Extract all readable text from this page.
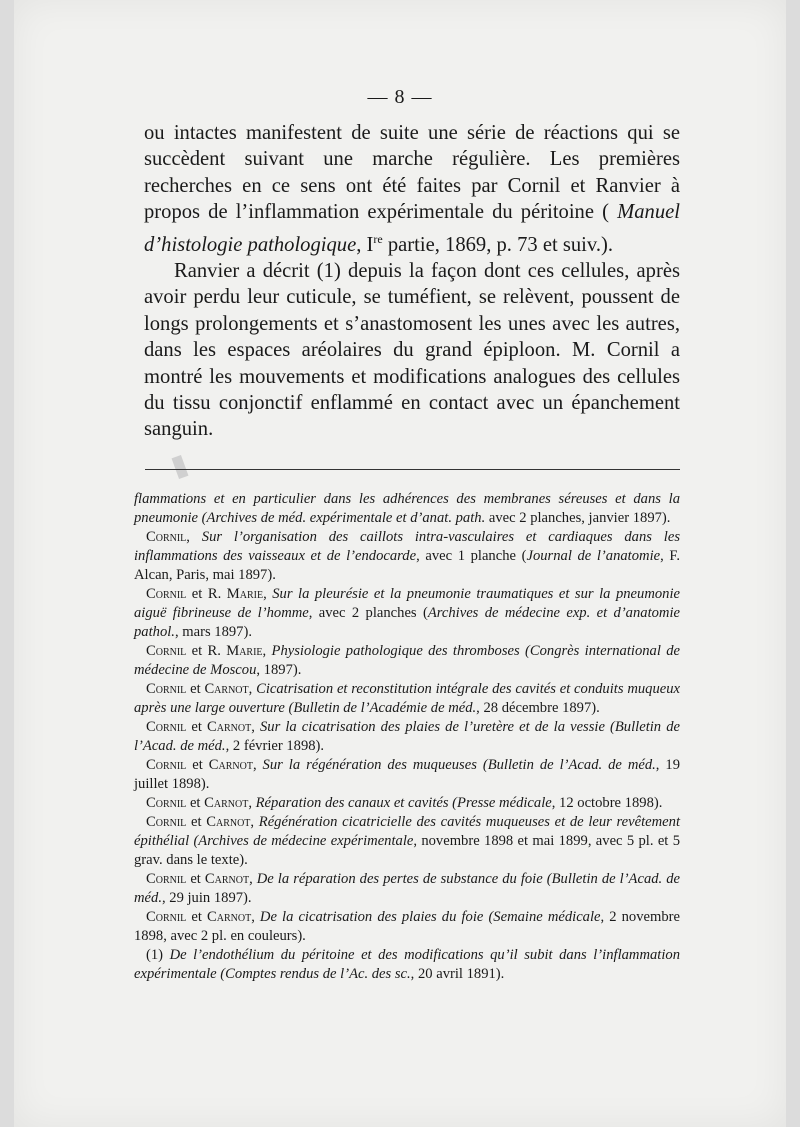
— 8 —

ou intactes manifestent de suite une série de réactions qui se succèdent suivant une marche régulière. Les premières recherches en ce sens ont été faites par Cornil et Ranvier à propos de l’inflammation expérimentale du péritoine ( Manuel d’histologie pathologique, Ire partie, 1869, p. 73 et suiv.).

Ranvier a décrit (1) depuis la façon dont ces cellules, après avoir perdu leur cuticule, se tuméfient, se relèvent, poussent de longs prolongements et s’anastomosent les unes avec les autres, dans les espaces aréolaires du grand épiploon. M. Cornil a montré les mouvements et modifications analogues des cellules du tissu conjonctif enflammé en contact avec un épanchement sanguin.

flammations et en particulier dans les adhérences des membranes séreuses et dans la pneumonie (Archives de méd. expérimentale et d’anat. path. avec 2 planches, janvier 1897).

Cornil, Sur l’organisation des caillots intra-vasculaires et cardiaques dans les inflammations des vaisseaux et de l’endocarde, avec 1 planche (Journal de l’anatomie, F. Alcan, Paris, mai 1897).

Cornil et R. Marie, Sur la pleurésie et la pneumonie traumatiques et sur la pneumonie aiguë fibrineuse de l’homme, avec 2 planches (Archives de médecine exp. et d’anatomie pathol., mars 1897).

Cornil et R. Marie, Physiologie pathologique des thromboses (Congrès international de médecine de Moscou, 1897).

Cornil et Carnot, Cicatrisation et reconstitution intégrale des cavités et conduits muqueux après une large ouverture (Bulletin de l’Académie de méd., 28 décembre 1897).

Cornil et Carnot, Sur la cicatrisation des plaies de l’uretère et de la vessie (Bulletin de l’Acad. de méd., 2 février 1898).

Cornil et Carnot, Sur la régénération des muqueuses (Bulletin de l’Acad. de méd., 19 juillet 1898).

Cornil et Carnot, Réparation des canaux et cavités (Presse médicale, 12 octobre 1898).

Cornil et Carnot, Régénération cicatricielle des cavités muqueuses et de leur revêtement épithélial (Archives de médecine expérimentale, novembre 1898 et mai 1899, avec 5 pl. et 5 grav. dans le texte).

Cornil et Carnot, De la réparation des pertes de substance du foie (Bulletin de l’Acad. de méd., 29 juin 1897).

Cornil et Carnot, De la cicatrisation des plaies du foie (Semaine médicale, 2 novembre 1898, avec 2 pl. en couleurs).

(1) De l’endothélium du péritoine et des modifications qu’il subit dans l’inflammation expérimentale (Comptes rendus de l’Ac. des sc., 20 avril 1891).
